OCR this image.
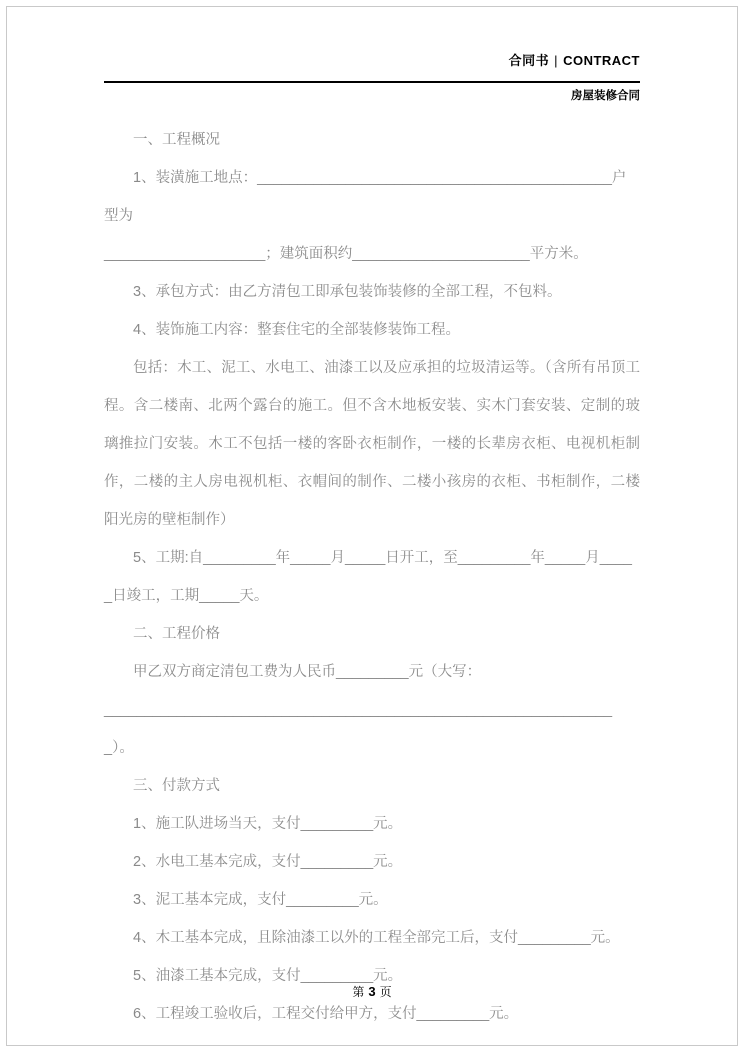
合同书 | CONTRACT
房屋装修合同
一、工程概况
1、装潢施工地点：____________________________________________户型为
____________________；建筑面积约______________________平方米。
3、承包方式：由乙方清包工即承包装饰装修的全部工程，不包料。
4、装饰施工内容：整套住宅的全部装修装饰工程。
包括：木工、泥工、水电工、油漆工以及应承担的垃圾清运等。（含所有吊顶工程。含二楼南、北两个露台的施工。但不含木地板安装、实木门套安装、定制的玻璃推拉门安装。木工不包括一楼的客卧衣柜制作，一楼的长辈房衣柜、电视机柜制作，二楼的主人房电视机柜、衣帽间的制作、二楼小孩房的衣柜、书柜制作，二楼阳光房的壁柜制作）
5、工期:自_________年_____月_____日开工，至_________年_____月_____日竣工，工期_____天。
二、工程价格
甲乙双方商定清包工费为人民币_________元（大写：
________________________________________________________________）。
三、付款方式
1、施工队进场当天，支付_________元。
2、水电工基本完成，支付_________元。
3、泥工基本完成，支付_________元。
4、木工基本完成，且除油漆工以外的工程全部完工后，支付_________元。
5、油漆工基本完成，支付_________元。
6、工程竣工验收后，工程交付给甲方，支付_________元。
第 3 页
